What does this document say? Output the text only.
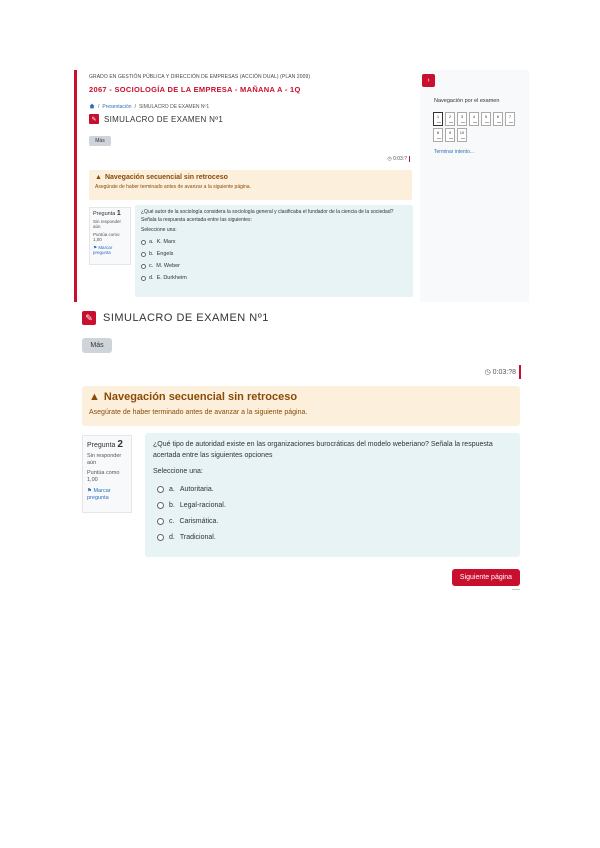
GRADO EN GESTIÓN PÚBLICA Y DIRECCIÓN DE EMPRESAS (ACCIÓN DUAL) (PLAN 2009)
2067 - SOCIOLOGÍA DE LA EMPRESA - MAÑANA A - 1Q
/ Presentación / SIMULACRO DE EXAMEN Nº1
✎ SIMULACRO DE EXAMEN Nº1
Más
◷ 0:03:?
▲ Navegación secuencial sin retroceso
Asegúrate de haber terminado antes de avanzar a la siguiente página.
Pregunta 1
Sin responder aún
Puntúa como 1,00
⚑ Marcar pregunta
¿Qué autor de la sociología considera la sociología general y clasificaba el fundador de la ciencia de la sociedad? Señala la respuesta acertada entre las siguientes:
Seleccione una:
a. K. Marx
b. Engels
c. M. Weber
d. E. Durkheim
›
Navegación por el examen
1	2	3	4	5	6	7
8	9	10
Terminar intento...
✎ SIMULACRO DE EXAMEN Nº1
Más
◷ 0:03:?8
▲ Navegación secuencial sin retroceso
Asegúrate de haber terminado antes de avanzar a la siguiente página.
Pregunta 2
Sin responder aún
Puntúa como 1,00
⚑ Marcar pregunta
¿Qué tipo de autoridad existe en las organizaciones burocráticas del modelo weberiano? Señala la respuesta acertada entre las siguientes opciones
Seleccione una:
a. Autoritaria.
b. Legal-racional.
c. Carismática.
d. Tradicional.
Siguiente página
